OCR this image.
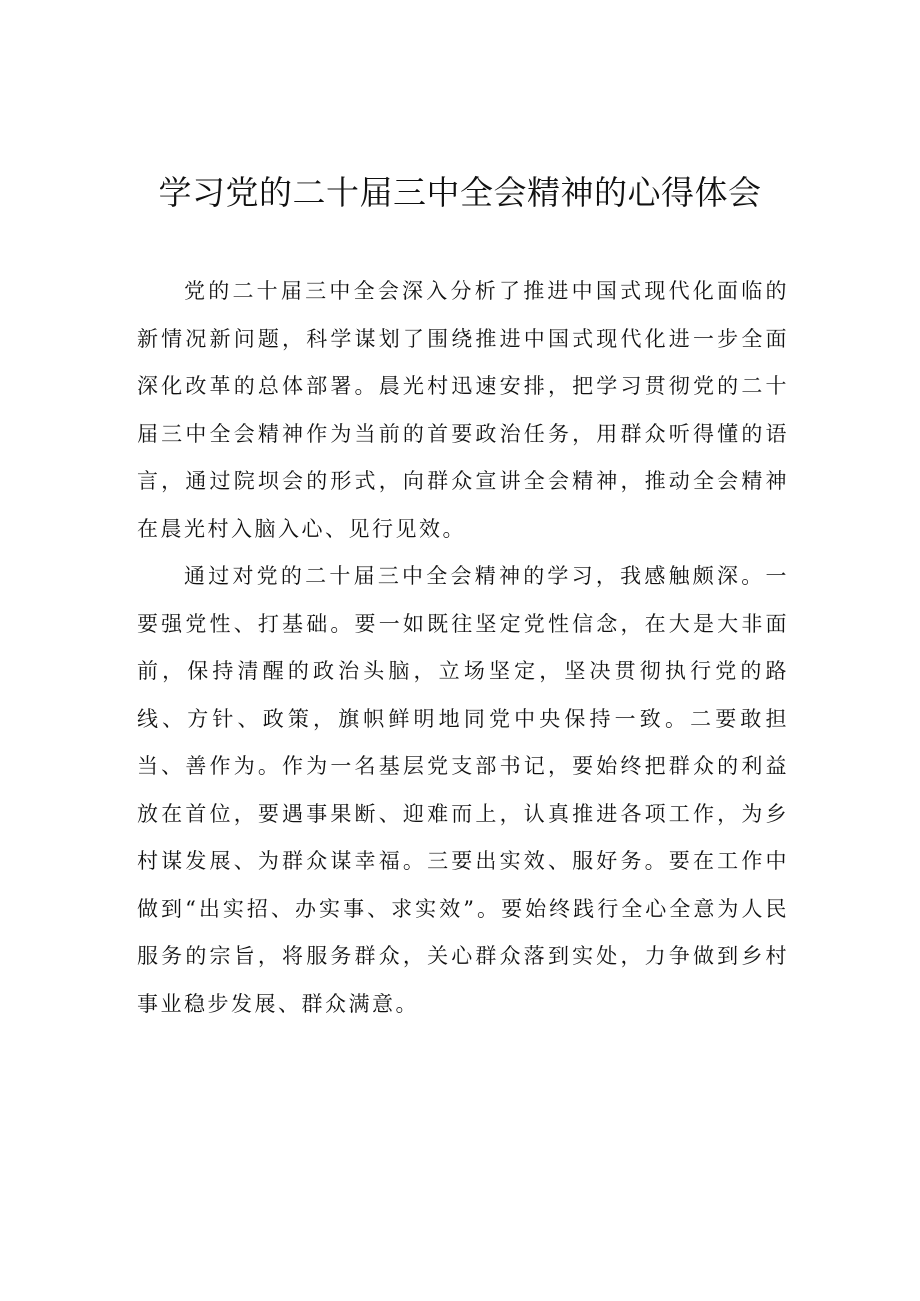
学习党的二十届三中全会精神的心得体会

党的二十届三中全会深入分析了推进中国式现代化面临的新情况新问题，科学谋划了围绕推进中国式现代化进一步全面深化改革的总体部署。晨光村迅速安排，把学习贯彻党的二十届三中全会精神作为当前的首要政治任务，用群众听得懂的语言，通过院坝会的形式，向群众宣讲全会精神，推动全会精神在晨光村入脑入心、见行见效。

通过对党的二十届三中全会精神的学习，我感触颇深。一要强党性、打基础。要一如既往坚定党性信念，在大是大非面前，保持清醒的政治头脑，立场坚定，坚决贯彻执行党的路线、方针、政策，旗帜鲜明地同党中央保持一致。二要敢担当、善作为。作为一名基层党支部书记，要始终把群众的利益放在首位，要遇事果断、迎难而上，认真推进各项工作，为乡村谋发展、为群众谋幸福。三要出实效、服好务。要在工作中做到“出实招、办实事、求实效”。要始终践行全心全意为人民服务的宗旨，将服务群众，关心群众落到实处，力争做到乡村事业稳步发展、群众满意。
